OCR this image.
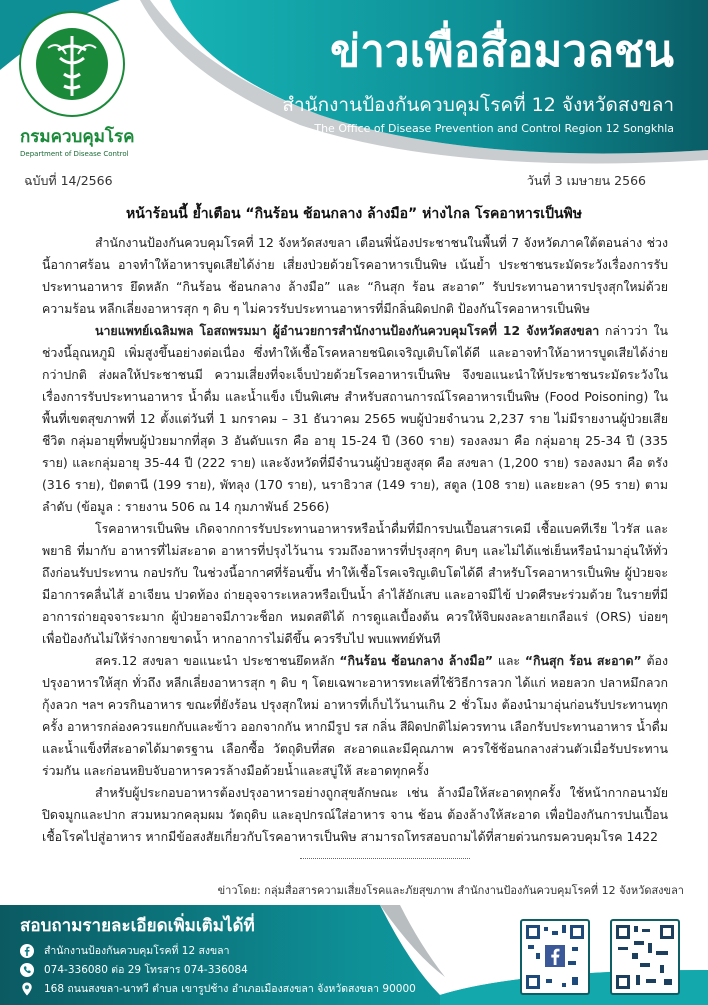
กรมควบคุมโรค
Department of Disease Control
ข่าวเพื่อสื่อมวลชน
สำนักงานป้องกันควบคุมโรคที่ 12 จังหวัดสงขลา
The Office of Disease Prevention and Control Region 12 Songkhla
ฉบับที่ 14/2566	วันที่ 3 เมษายน 2566
หน้าร้อนนี้ ย้ำเตือน “กินร้อน ช้อนกลาง ล้างมือ” ห่างไกล โรคอาหารเป็นพิษ
สำนักงานป้องกันควบคุมโรคที่ 12 จังหวัดสงขลา เตือนพี่น้องประชาชนในพื้นที่ 7 จังหวัดภาคใต้ตอนล่าง ช่วงนี้อากาศร้อน อาจทำให้อาหารบูดเสียได้ง่าย เสี่ยงป่วยด้วยโรคอาหารเป็นพิษ เน้นย้ำ ประชาชนระมัดระวังเรื่องการรับประทานอาหาร ยึดหลัก “กินร้อน ช้อนกลาง ล้างมือ” และ “กินสุก ร้อน สะอาด” รับประทานอาหารปรุงสุกใหม่ด้วยความร้อน หลีกเลี่ยงอาหารสุก ๆ ดิบ ๆ ไม่ควรรับประทานอาหารที่มีกลิ่นผิดปกติ ป้องกันโรคอาหารเป็นพิษ
นายแพทย์เฉลิมพล โอสถพรมมา ผู้อำนวยการสำนักงานป้องกันควบคุมโรคที่ 12 จังหวัดสงขลา กล่าวว่า ในช่วงนี้อุณหภูมิ เพิ่มสูงขึ้นอย่างต่อเนื่อง ซึ่งทำให้เชื้อโรคหลายชนิดเจริญเติบโตได้ดี และอาจทำให้อาหารบูดเสียได้ง่ายกว่าปกติ ส่งผลให้ประชาชนมี ความเสี่ยงที่จะเจ็บป่วยด้วยโรคอาหารเป็นพิษ จึงขอแนะนำให้ประชาชนระมัดระวังในเรื่องการรับประทานอาหาร น้ำดื่ม และน้ำแข็ง เป็นพิเศษ สำหรับสถานการณ์โรคอาหารเป็นพิษ (Food Poisoning) ในพื้นที่เขตสุขภาพที่ 12 ตั้งแต่วันที่ 1 มกราคม – 31 ธันวาคม 2565 พบผู้ป่วยจำนวน 2,237 ราย ไม่มีรายงานผู้ป่วยเสียชีวิต กลุ่มอายุที่พบผู้ป่วยมากที่สุด 3 อันดับแรก คือ อายุ 15-24 ปี (360 ราย) รองลงมา คือ กลุ่มอายุ 25-34 ปี (335 ราย) และกลุ่มอายุ 35-44 ปี (222 ราย) และจังหวัดที่มีจำนวนผู้ป่วยสูงสุด คือ สงขลา (1,200 ราย) รองลงมา คือ ตรัง (316 ราย), ปัตตานี (199 ราย), พัทลุง (170 ราย), นราธิวาส (149 ราย), สตูล (108 ราย) และยะลา (95 ราย) ตามลำดับ (ข้อมูล : รายงาน 506 ณ 14 กุมภาพันธ์ 2566)
โรคอาหารเป็นพิษ เกิดจากการรับประทานอาหารหรือน้ำดื่มที่มีการปนเปื้อนสารเคมี เชื้อแบคทีเรีย ไวรัส และพยาธิ ที่มากับ อาหารที่ไม่สะอาด อาหารที่ปรุงไว้นาน รวมถึงอาหารที่ปรุงสุกๆ ดิบๆ และไม่ได้แช่เย็นหรือนำมาอุ่นให้ทั่วถึงก่อนรับประทาน กอปรกับ ในช่วงนี้อากาศที่ร้อนขึ้น ทำให้เชื้อโรคเจริญเติบโตได้ดี สำหรับโรคอาหารเป็นพิษ ผู้ป่วยจะมีอาการคลื่นไส้ อาเจียน ปวดท้อง ถ่ายอุจจาระเหลวหรือเป็นน้ำ ลำไส้อักเสบ และอาจมีไข้ ปวดศีรษะร่วมด้วย ในรายที่มีอาการถ่ายอุจจาระมาก ผู้ป่วยอาจมีภาวะช็อก หมดสติได้ การดูแลเบื้องต้น ควรให้จิบผงละลายเกลือแร่ (ORS) บ่อยๆ เพื่อป้องกันไม่ให้ร่างกายขาดน้ำ หากอาการไม่ดีขึ้น ควรรีบไป พบแพทย์ทันที
สคร.12 สงขลา ขอแนะนำ ประชาชนยึดหลัก “กินร้อน ช้อนกลาง ล้างมือ” และ “กินสุก ร้อน สะอาด” ต้องปรุงอาหารให้สุก ทั่วถึง หลีกเลี่ยงอาหารสุก ๆ ดิบ ๆ โดยเฉพาะอาหารทะเลที่ใช้วิธีการลวก ได้แก่ หอยลวก ปลาหมึกลวก กุ้งลวก ฯลฯ ควรกินอาหาร ขณะที่ยังร้อน ปรุงสุกใหม่ อาหารที่เก็บไว้นานเกิน 2 ชั่วโมง ต้องนำมาอุ่นก่อนรับประทานทุกครั้ง อาหารกล่องควรแยกกับและข้าว ออกจากกัน หากมีรูป รส กลิ่น สีผิดปกติไม่ควรทาน เลือกรับประทานอาหาร น้ำดื่ม และน้ำแข็งที่สะอาดได้มาตรฐาน เลือกซื้อ วัตถุดิบที่สด สะอาดและมีคุณภาพ ควรใช้ช้อนกลางส่วนตัวเมื่อรับประทานร่วมกัน และก่อนหยิบจับอาหารควรล้างมือด้วยน้ำและสบู่ให้ สะอาดทุกครั้ง
สำหรับผู้ประกอบอาหารต้องปรุงอาหารอย่างถูกสุขลักษณะ เช่น ล้างมือให้สะอาดทุกครั้ง ใช้หน้ากากอนามัยปิดจมูกและปาก สวมหมวกคลุมผม วัตถุดิบ และอุปกรณ์ใส่อาหาร จาน ช้อน ต้องล้างให้สะอาด เพื่อป้องกันการปนเปื้อนเชื้อโรคไปสู่อาหาร หากมีข้อสงสัยเกี่ยวกับโรคอาหารเป็นพิษ สามารถโทรสอบถามได้ที่สายด่วนกรมควบคุมโรค 1422
ข่าวโดย: กลุ่มสื่อสารความเสี่ยงโรคและภัยสุขภาพ สำนักงานป้องกันควบคุมโรคที่ 12 จังหวัดสงขลา
สอบถามรายละเอียดเพิ่มเติมได้ที่
สำนักงานป้องกันควบคุมโรคที่ 12 สงขลา
074-336080 ต่อ 29 โทรสาร 074-336084
168 ถนนสงขลา-นาทวี ตำบล เขารูปช้าง อำเภอเมืองสงขลา จังหวัดสงขลา 90000
